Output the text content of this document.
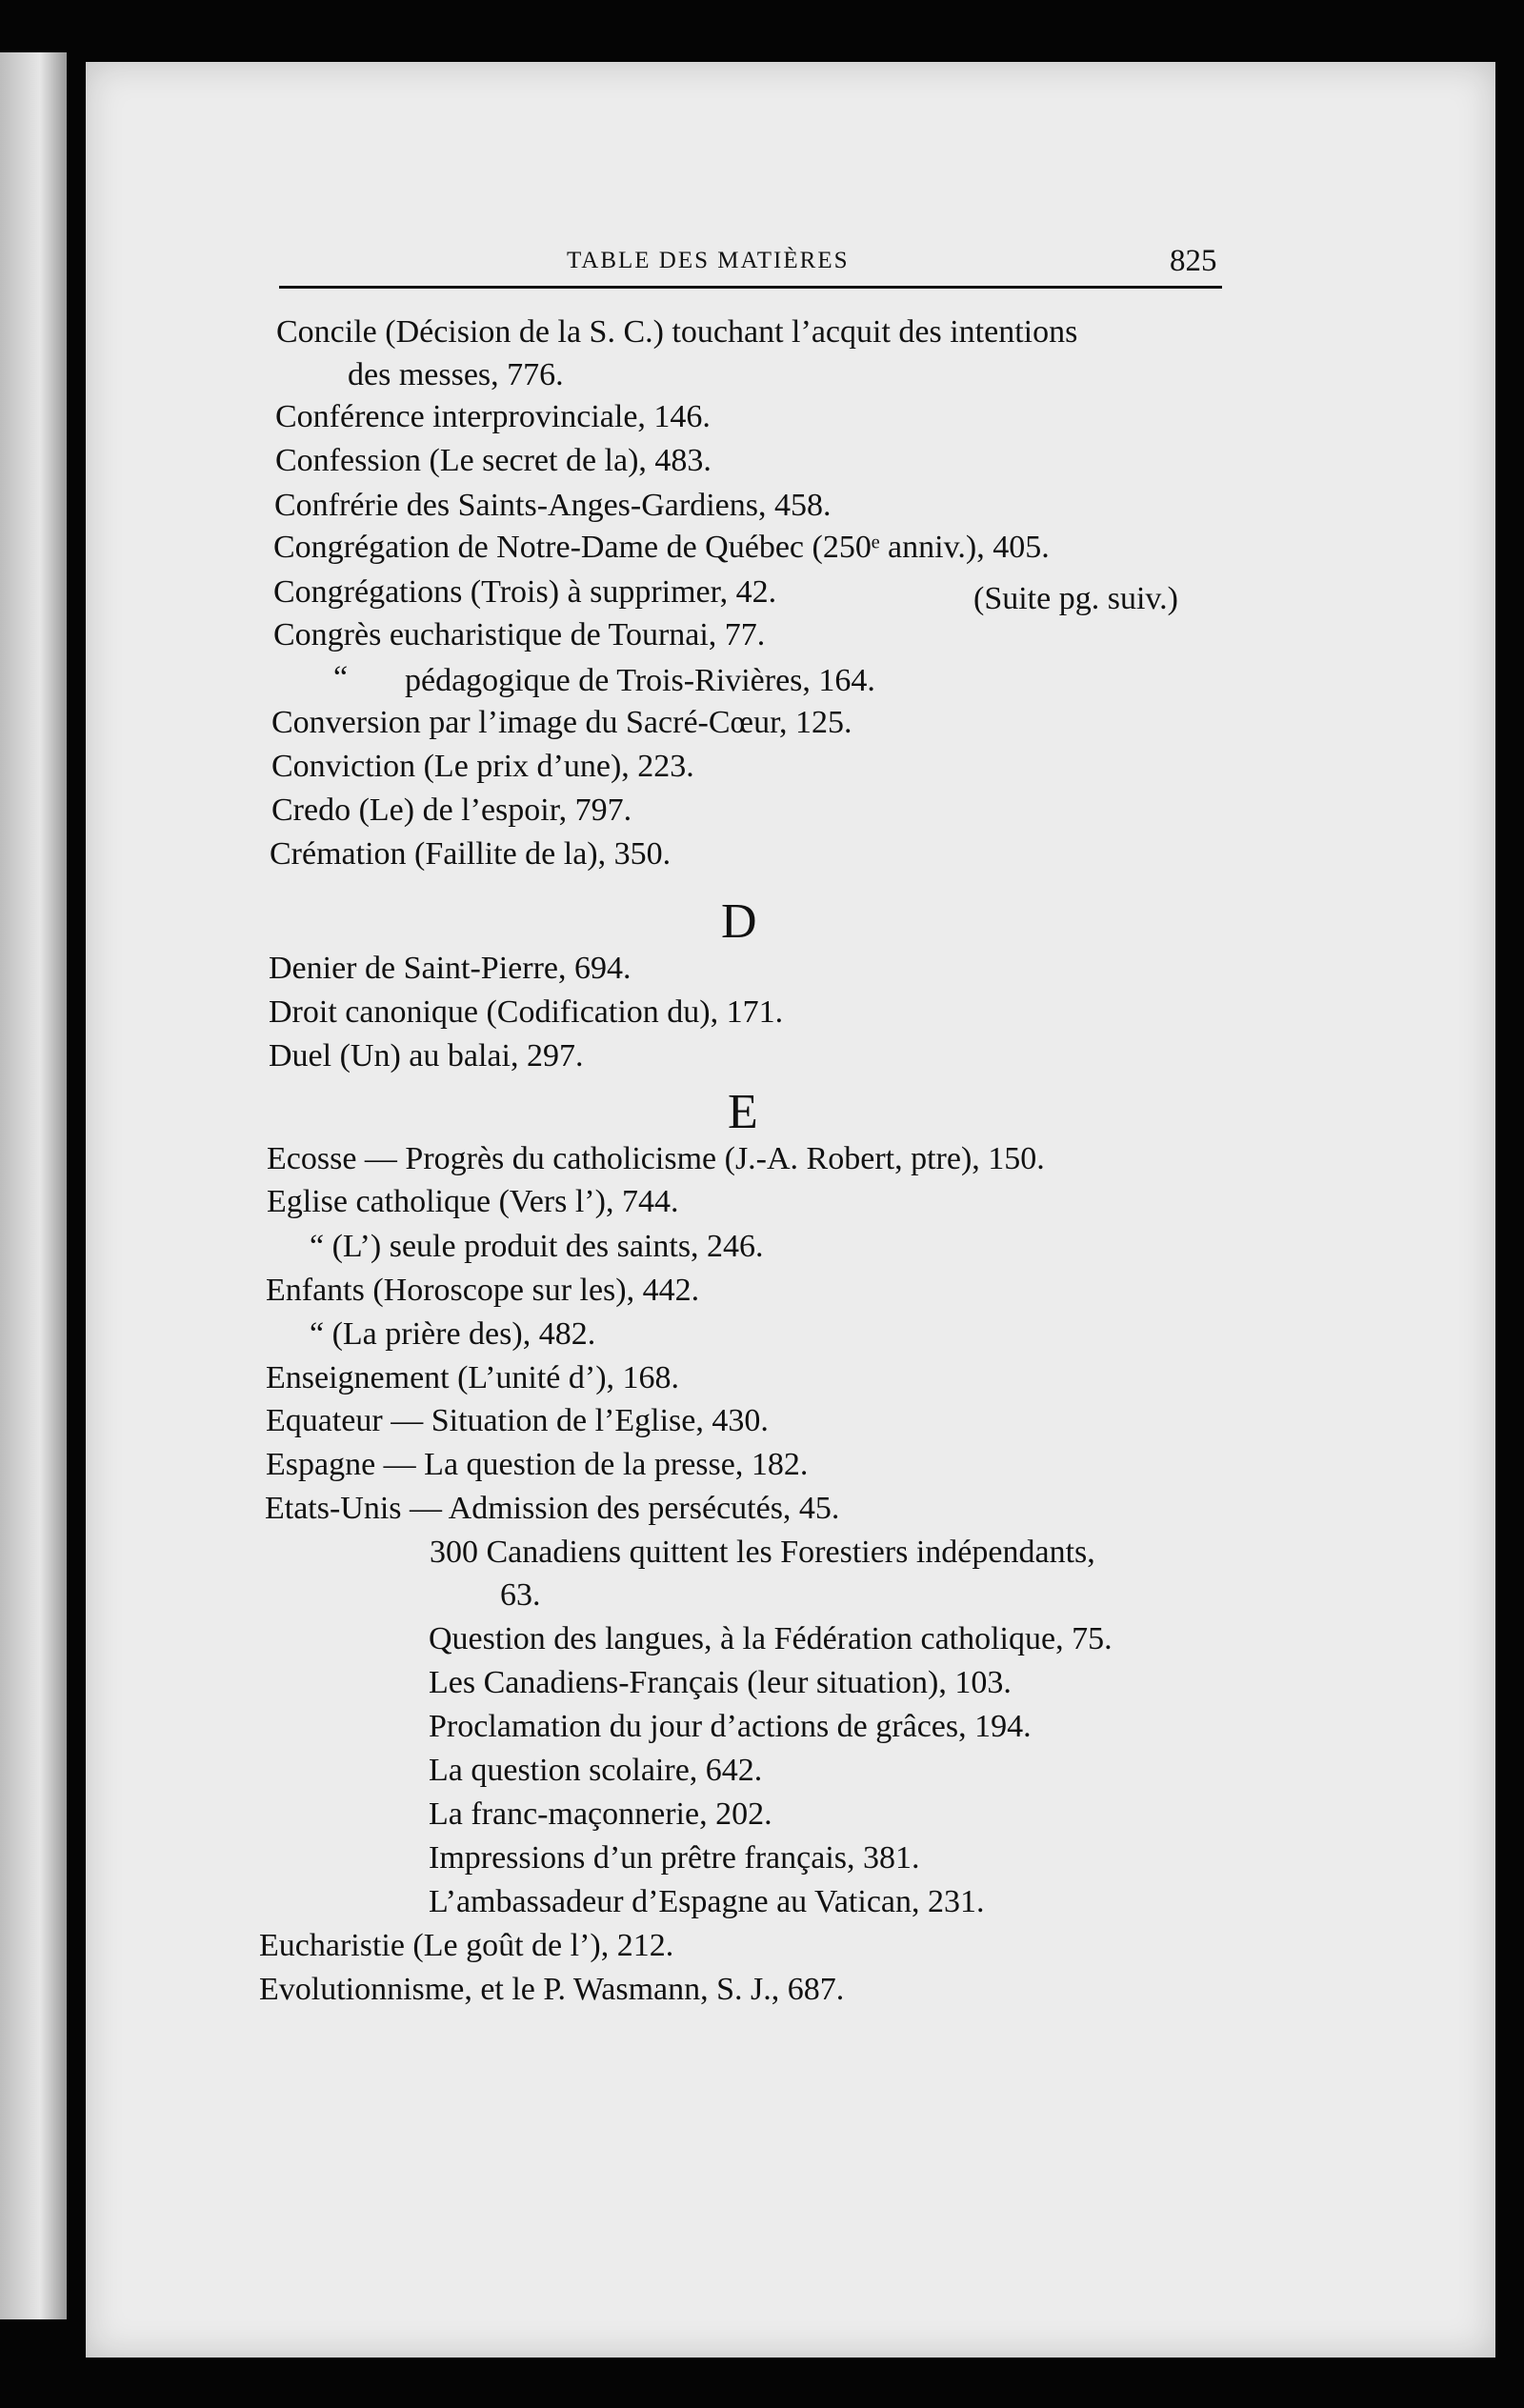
TABLE DES MATIÈRES	825
Concile (Décision de la S. C.) touchant l’acquit des intentions
des messes, 776.
Conférence interprovinciale, 146.
Confession (Le secret de la), 483.
Confrérie des Saints-Anges-Gardiens, 458.
Congrégation de Notre-Dame de Québec (250ᵉ anniv.), 405.
Congrégations (Trois) à supprimer, 42.	(Suite pg. suiv.)
Congrès eucharistique de Tournai, 77.
“ pédagogique de Trois-Rivières, 164.
Conversion par l’image du Sacré-Cœur, 125.
Conviction (Le prix d’une), 223.
Credo (Le) de l’espoir, 797.
Crémation (Faillite de la), 350.
D
Denier de Saint-Pierre, 694.
Droit canonique (Codification du), 171.
Duel (Un) au balai, 297.
E
Ecosse — Progrès du catholicisme (J.-A. Robert, ptre), 150.
Eglise catholique (Vers l’), 744.
“ (L’) seule produit des saints, 246.
Enfants (Horoscope sur les), 442.
“ (La prière des), 482.
Enseignement (L’unité d’), 168.
Equateur — Situation de l’Eglise, 430.
Espagne — La question de la presse, 182.
Etats-Unis — Admission des persécutés, 45.
300 Canadiens quittent les Forestiers indépendants,
63.
Question des langues, à la Fédération catholique, 75.
Les Canadiens-Français (leur situation), 103.
Proclamation du jour d’actions de grâces, 194.
La question scolaire, 642.
La franc-maçonnerie, 202.
Impressions d’un prêtre français, 381.
L’ambassadeur d’Espagne au Vatican, 231.
Eucharistie (Le goût de l’), 212.
Evolutionnisme, et le P. Wasmann, S. J., 687.
